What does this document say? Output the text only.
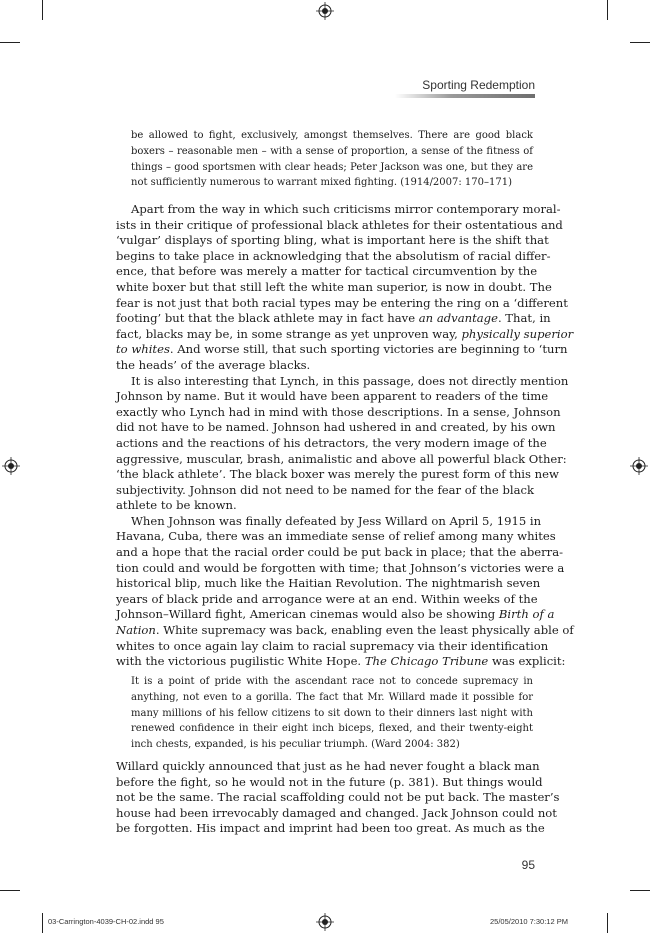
Sporting Redemption
be allowed to fight, exclusively, amongst themselves. There are good black
boxers – reasonable men – with a sense of proportion, a sense of the fitness of
things – good sportsmen with clear heads; Peter Jackson was one, but they are
not sufficiently numerous to warrant mixed fighting. (1914/2007: 170–171)
Apart from the way in which such criticisms mirror contemporary moral-
ists in their critique of professional black athletes for their ostentatious and
‘vulgar’ displays of sporting bling, what is important here is the shift that
begins to take place in acknowledging that the absolutism of racial differ-
ence, that before was merely a matter for tactical circumvention by the
white boxer but that still left the white man superior, is now in doubt. The
fear is not just that both racial types may be entering the ring on a ‘different
footing’ but that the black athlete may in fact have an advantage. That, in
fact, blacks may be, in some strange as yet unproven way, physically superior
to whites. And worse still, that such sporting victories are beginning to ‘turn
the heads’ of the average blacks.
It is also interesting that Lynch, in this passage, does not directly mention
Johnson by name. But it would have been apparent to readers of the time
exactly who Lynch had in mind with those descriptions. In a sense, Johnson
did not have to be named. Johnson had ushered in and created, by his own
actions and the reactions of his detractors, the very modern image of the
aggressive, muscular, brash, animalistic and above all powerful black Other:
‘the black athlete’. The black boxer was merely the purest form of this new
subjectivity. Johnson did not need to be named for the fear of the black
athlete to be known.
When Johnson was finally defeated by Jess Willard on April 5, 1915 in
Havana, Cuba, there was an immediate sense of relief among many whites
and a hope that the racial order could be put back in place; that the aberra-
tion could and would be forgotten with time; that Johnson’s victories were a
historical blip, much like the Haitian Revolution. The nightmarish seven
years of black pride and arrogance were at an end. Within weeks of the
Johnson–Willard fight, American cinemas would also be showing Birth of a
Nation. White supremacy was back, enabling even the least physically able of
whites to once again lay claim to racial supremacy via their identification
with the victorious pugilistic White Hope. The Chicago Tribune was explicit:
It is a point of pride with the ascendant race not to concede supremacy in
anything, not even to a gorilla. The fact that Mr. Willard made it possible for
many millions of his fellow citizens to sit down to their dinners last night with
renewed confidence in their eight inch biceps, flexed, and their twenty-eight
inch chests, expanded, is his peculiar triumph. (Ward 2004: 382)
Willard quickly announced that just as he had never fought a black man
before the fight, so he would not in the future (p. 381). But things would
not be the same. The racial scaffolding could not be put back. The master’s
house had been irrevocably damaged and changed. Jack Johnson could not
be forgotten. His impact and imprint had been too great. As much as the
95
03-Carrington-4039-CH-02.indd 95	25/05/2010 7:30:12 PM
